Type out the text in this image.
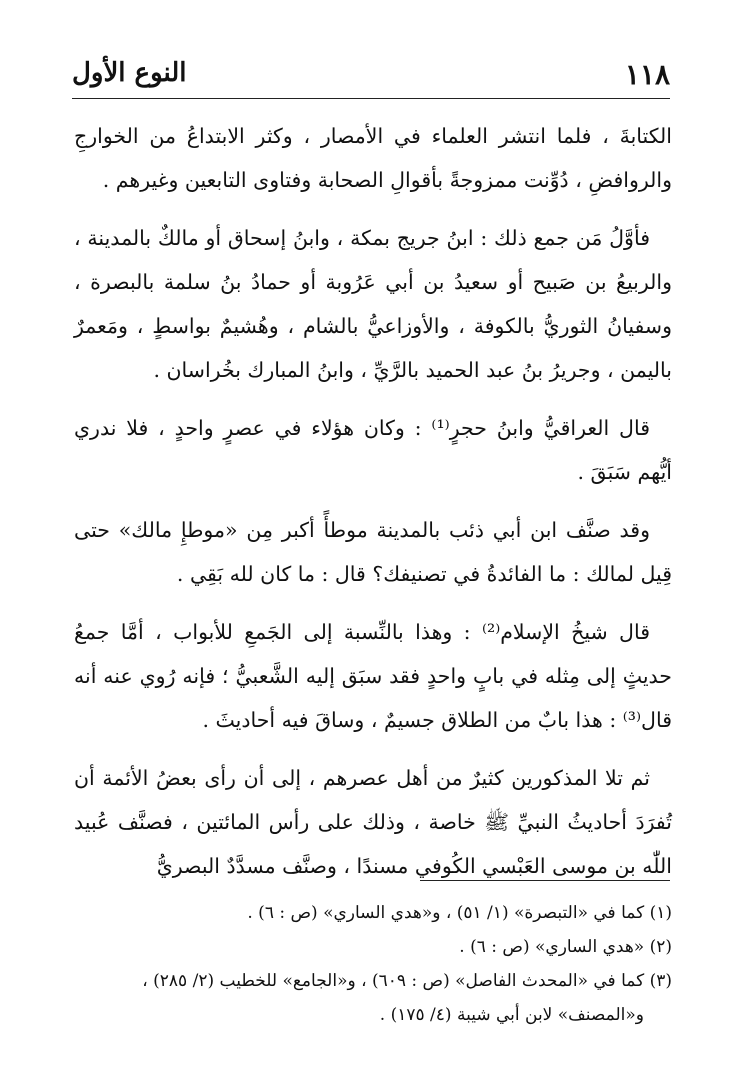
١١٨
النوع الأول

الكتابةَ ، فلما انتشر العلماء في الأمصار ، وكثر الابتداعُ من الخوارجِ والروافضِ ، دُوِّنت ممزوجةً بأقوالِ الصحابة وفتاوى التابعين وغيرهم .

فأوَّلُ مَن جمع ذلك : ابنُ جريج بمكة ، وابنُ إسحاق أو مالكٌ بالمدينة ، والربيعُ بن صَبيح أو سعيدُ بن أبي عَرُوبة أو حمادُ بنُ سلمة بالبصرة ، وسفيانُ الثوريُّ بالكوفة ، والأوزاعيُّ بالشام ، وهُشيمٌ بواسطٍ ، ومَعمرٌ باليمن ، وجريرُ بنُ عبد الحميد بالرَّيِّ ، وابنُ المبارك بخُراسان .

قال العراقيُّ وابنُ حجرٍ⁽¹⁾ : وكان هؤلاء في عصرٍ واحدٍ ، فلا ندري أيُّهم سَبَقَ .

وقد صنَّف ابن أبي ذئب بالمدينة موطأً أكبر مِن «موطإِ مالك» حتى قِيل لمالك : ما الفائدةُ في تصنيفك؟ قال : ما كان لله بَقِي .

قال شيخُ الإسلام⁽²⁾ : وهذا بالنِّسبة إلى الجَمعِ للأبواب ، أمَّا جمعُ حديثٍ إلى مِثله في بابٍ واحدٍ فقد سبَق إليه الشَّعبيُّ ؛ فإنه رُوي عنه أنه قال⁽³⁾ : هذا بابٌ من الطلاق جسيمٌ ، وساقَ فيه أحاديثَ .

ثم تلا المذكورين كثيرٌ من أهل عصرهم ، إلى أن رأى بعضُ الأئمة أن تُفرَدَ أحاديثُ النبيِّ ﷺ خاصة ، وذلك على رأس المائتين ، فصنَّف عُبيد اللّٰه بن موسى العَبْسي الكُوفي مسندًا ، وصنَّف مسدَّدٌ البصريُّ

(١) كما في «التبصرة» (١/ ٥١) ، و«هدي الساري» (ص : ٦) .
(٢) «هدي الساري» (ص : ٦) .
(٣) كما في «المحدث الفاصل» (ص : ٦٠٩) ، و«الجامع» للخطيب (٢/ ٢٨٥) ،
و«المصنف» لابن أبي شيبة (٤/ ١٧٥) .
